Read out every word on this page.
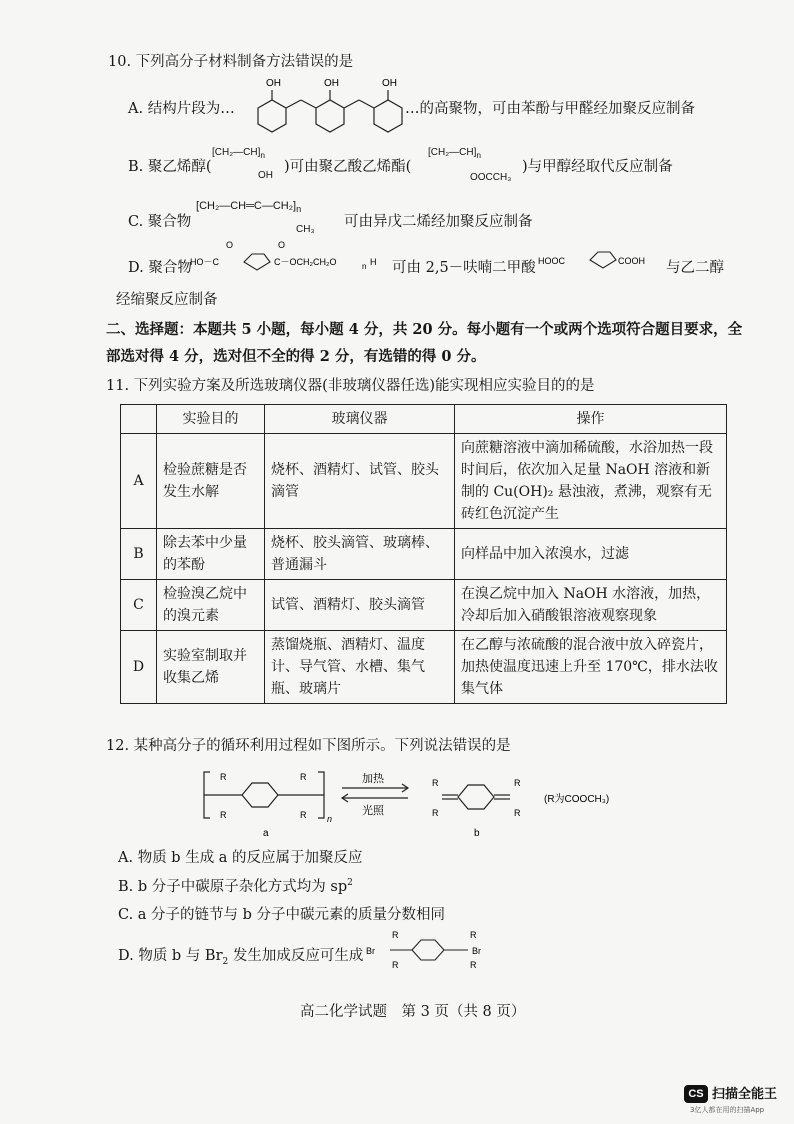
10. 下列高分子材料制备方法错误的是
A. 结构片段为…
OH	OH	OH
…的高聚物，可由苯酚与甲醛经加聚反应制备
B. 聚乙烯醇(
$[CH_2—CH]_n$
OH
)可由聚乙酸乙烯酯(
$[CH_2—CH]_n$
OOCCH₃
)与甲醇经取代反应制备
C. 聚合物
$[CH_2—CH═C—CH_2]_n$
CH₃ 可由异戊二烯经加聚反应制备
D. 聚合物
HO－C
O
C－OCH₂CH₂O
O
n H 可由 2,5－呋喃二甲酸 HOOC	COOH 与乙二醇
经缩聚反应制备
二、选择题：本题共 5 小题，每小题 4 分，共 20 分。每小题有一个或两个选项符合题目要求，全
部选对得 4 分，选对但不全的得 2 分，有选错的得 0 分。
11. 下列实验方案及所选玻璃仪器(非玻璃仪器任选)能实现相应实验目的的是
	实验目的	玻璃仪器	操作
A	检验蔗糖是否发生水解	烧杯、酒精灯、试管、胶头滴管	向蔗糖溶液中滴加稀硫酸，水浴加热一段时间后，依次加入足量 NaOH 溶液和新制的 Cu(OH)₂ 悬浊液，煮沸，观察有无砖红色沉淀产生
B	除去苯中少量的苯酚	烧杯、胶头滴管、玻璃棒、普通漏斗	向样品中加入浓溴水，过滤
C	检验溴乙烷中的溴元素	试管、酒精灯、胶头滴管	在溴乙烷中加入 NaOH 水溶液，加热，冷却后加入硝酸银溶液观察现象
D	实验室制取并收集乙烯	蒸馏烧瓶、酒精灯、温度计、导气管、水槽、集气瓶、玻璃片	在乙醇与浓硫酸的混合液中放入碎瓷片，加热使温度迅速上升至 170℃，排水法收集气体
12. 某种高分子的循环利用过程如下图所示。下列说法错误的是
R
R
R
R n
a
加热
光照
R
R
R
R
b
(R为COOCH₃)
A. 物质 b 生成 a 的反应属于加聚反应
B. b 分子中碳原子杂化方式均为 $sp^2$
C. a 分子的链节与 b 分子中碳元素的质量分数相同
D. 物质 b 与 $Br_2$ 发生加成反应可生成 Br
R
R
R
R
Br
高二化学试题　第 3 页（共 8 页）
CS 扫描全能王
3亿人都在用的扫描App
